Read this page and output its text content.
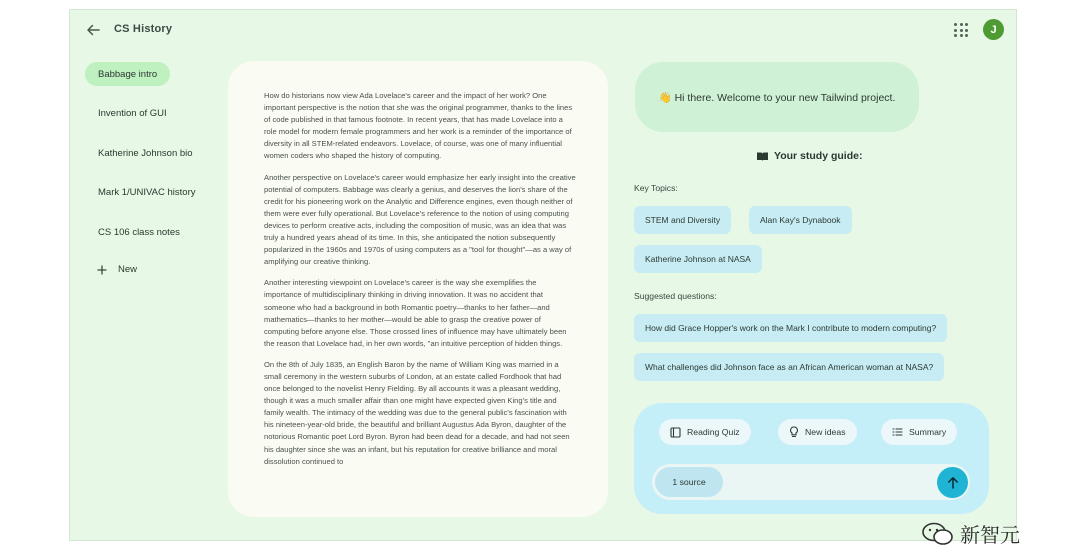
CS History	J
Babbage intro
Invention of GUI
Katherine Johnson bio
Mark 1/UNIVAC history
CS 106 class notes
New

How do historians now view Ada Lovelace's career and the impact of her work? One important perspective is the notion that she was the original programmer, thanks to the lines of code published in that famous footnote. In recent years, that has made Lovelace into a role model for modern female programmers and her work is a reminder of the importance of diversity in all STEM-related endeavors. Lovelace, of course, was one of many influential women coders who shaped the history of computing.

Another perspective on Lovelace's career would emphasize her early insight into the creative potential of computers. Babbage was clearly a genius, and deserves the lion's share of the credit for his pioneering work on the Analytic and Difference engines, even though neither of them were ever fully operational. But Lovelace's reference to the notion of using computing devices to perform creative acts, including the composition of music, was an idea that was truly a hundred years ahead of its time. In this, she anticipated the notion subsequently popularized in the 1960s and 1970s of using computers as a "tool for thought"—as a way of amplifying our creative thinking.

Another interesting viewpoint on Lovelace's career is the way she exemplifies the importance of multidisciplinary thinking in driving innovation. It was no accident that someone who had a background in both Romantic poetry—thanks to her father—and mathematics—thanks to her mother—would be able to grasp the creative power of computing before anyone else. Those crossed lines of influence may have ultimately been the reason that Lovelace had, in her own words, "an intuitive perception of hidden things.

On the 8th of July 1835, an English Baron by the name of William King was married in a small ceremony in the western suburbs of London, at an estate called Fordhook that had once belonged to the novelist Henry Fielding. By all accounts it was a pleasant wedding, though it was a much smaller affair than one might have expected given King's title and family wealth. The intimacy of the wedding was due to the general public's fascination with his nineteen-year-old bride, the beautiful and brilliant Augustus Ada Byron, daughter of the notorious Romantic poet Lord Byron. Byron had been dead for a decade, and had not seen his daughter since she was an infant, but his reputation for creative brilliance and moral dissolution continued to

👋 Hi there. Welcome to your new Tailwind project.
Your study guide:
Key Topics:
STEM and Diversity	Alan Kay's Dynabook
Katherine Johnson at NASA
Suggested questions:
How did Grace Hopper's work on the Mark I contribute to modern computing?
What challenges did Johnson face as an African American woman at NASA?
Reading Quiz	New ideas	Summary
1 source
新智元
